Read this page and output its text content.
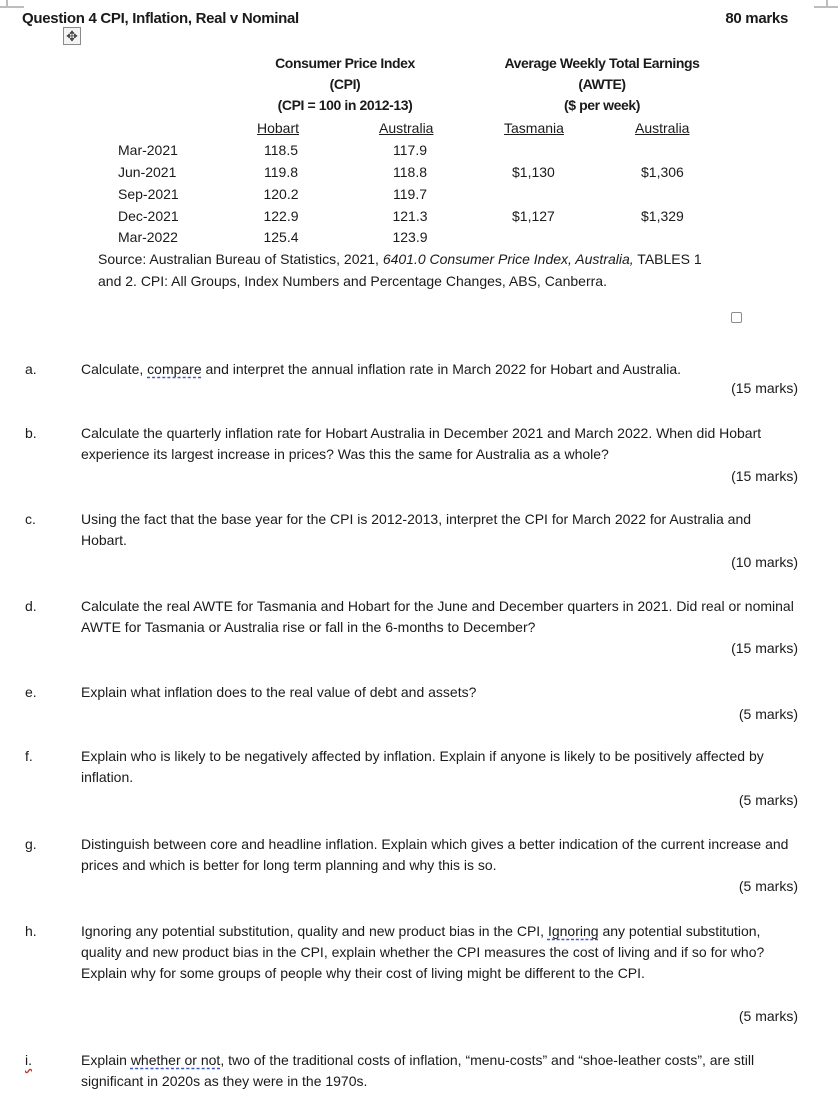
Question 4 CPI, Inflation, Real v Nominal	80 marks
✥
Consumer Price Index
(CPI)
(CPI = 100 in 2012-13)
Average Weekly Total Earnings
(AWTE)
($ per week)
Hobart	Australia	Tasmania	Australia
Mar-2021	118.5	117.9
Jun-2021	119.8	118.8	$1,130	$1,306
Sep-2021	120.2	119.7
Dec-2021	122.9	121.3	$1,127	$1,329
Mar-2022	125.4	123.9
Source: Australian Bureau of Statistics, 2021, 6401.0 Consumer Price Index, Australia, TABLES 1 and 2. CPI: All Groups, Index Numbers and Percentage Changes, ABS, Canberra.
a.	Calculate, compare and interpret the annual inflation rate in March 2022 for Hobart and Australia.
(15 marks)
b.	Calculate the quarterly inflation rate for Hobart Australia in December 2021 and March 2022. When did Hobart experience its largest increase in prices? Was this the same for Australia as a whole?
(15 marks)
c.	Using the fact that the base year for the CPI is 2012-2013, interpret the CPI for March 2022 for Australia and Hobart.
(10 marks)
d.	Calculate the real AWTE for Tasmania and Hobart for the June and December quarters in 2021. Did real or nominal AWTE for Tasmania or Australia rise or fall in the 6-months to December?
(15 marks)
e.	Explain what inflation does to the real value of debt and assets?
(5 marks)
f.	Explain who is likely to be negatively affected by inflation. Explain if anyone is likely to be positively affected by inflation.
(5 marks)
g.	Distinguish between core and headline inflation. Explain which gives a better indication of the current increase and prices and which is better for long term planning and why this is so.
(5 marks)
h.	Ignoring any potential substitution, quality and new product bias in the CPI, Ignoring any potential substitution, quality and new product bias in the CPI, explain whether the CPI measures the cost of living and if so for who? Explain why for some groups of people why their cost of living might be different to the CPI.
(5 marks)
i.	Explain whether or not, two of the traditional costs of inflation, “menu-costs” and “shoe-leather costs”, are still significant in 2020s as they were in the 1970s.
